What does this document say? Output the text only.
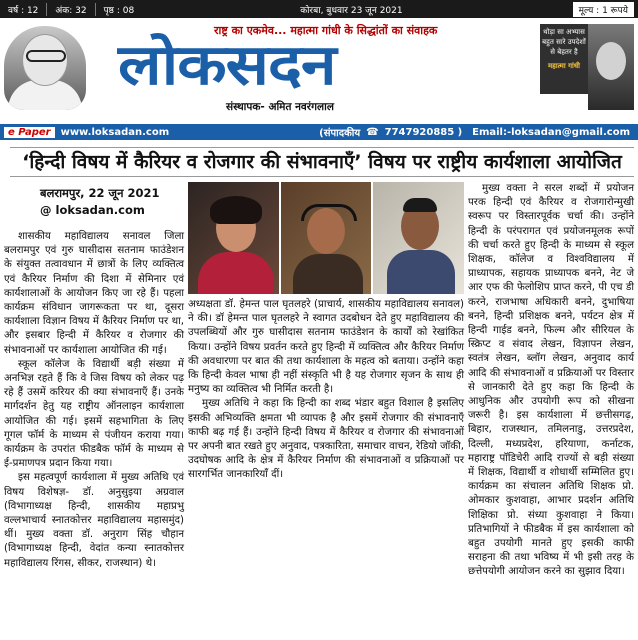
वर्ष : 12	अंक: 32	पृष्ठ : 08	कोरबा, बुधवार 23 जून 2021	मूल्य : 1 रूपये
राष्ट्र का एकमेव... महात्मा गांधी के सिद्धांतों का संवाहक
लोकसदन
संस्थापक- अमित नवरंगलाल
थोड़ा सा अभ्यास बहुत सारे उपदेशों से बेहतर है
महात्मा गांधी
e Paper	www.loksadan.com	(संपादकीय ☎ 7747920885 ) Email:-loksadan@gmail.com
‘हिन्दी विषय में कैरियर व रोजगार की संभावनाएँ’ विषय पर राष्ट्रीय कार्यशाला आयोजित
बलरामपुर, 22 जून 2021
@ loksadan.com

शासकीय महाविद्यालय सनावल जिला बलरामपुर एवं गुरु घासीदास सतनाम फाउंडेशन के संयुक्त तत्वावधान में छात्रों के लिए व्यक्तित्व एवं कैरियर निर्माण की दिशा में सेमिनार एवं कार्यशालाओं के आयोजन किए जा रहे हैं। पहला कार्यक्रम संविधान जागरूकता पर था, दूसरा कार्यशाला विज्ञान विषय में कैरियर निर्माण पर था, और इसबार हिन्दी में कैरियर व रोजगार की संभावनाओं पर कार्यशाला आयोजित की गई।

स्कूल कॉलेज के विद्यार्थी बड़ी संख्या में अनभिज्ञ रहते हैं कि वे जिस विषय को लेकर पढ़ रहे हैं उसमें करियर की क्या संभावनाएँ हैं। उनके मार्गदर्शन हेतु यह राष्ट्रीय ऑनलाइन कार्यशाला आयोजित की गई। इसमें सहभागिता के लिए गूगल फॉर्म के माध्यम से पंजीयन कराया गया। कार्यक्रम के उपरांत फीडबैक फॉर्म के माध्यम से ई-प्रमाणपत्र प्रदान किया गया।

इस महत्वपूर्ण कार्यशाला में मुख्य अतिथि एवं विषय विशेषज्ञ- डॉ. अनुसुइया अग्रवाल (विभागाध्यक्ष हिन्दी, शासकीय महाप्रभु वल्लभाचार्य स्नातकोत्तर महाविद्यालय महासमुंद) थीं। मुख्य वक्ता डॉ. अनुराग सिंह चौहान (विभागाध्यक्ष हिन्दी, वेदांत कन्या स्नातकोत्तर महाविद्यालय रिंगस, सीकर, राजस्थान) थे।

अध्यक्षता डॉ. हेमन्त पाल घृतलहरे (प्राचार्य, शासकीय महाविद्यालय सनावल) ने की। डॉ हेमन्त पाल घृतलहरे ने स्वागत उदबोधन देते हुए महाविद्यालय की उपलब्धियों और गुरु घासीदास सतनाम फाउंडेशन के कार्यों को रेखांकित किया। उन्होंने विषय प्रवर्तन करते हुए हिन्दी में व्यक्तित्व और कैरियर निर्माण की अवधारणा पर बात की तथा कार्यशाला के महत्व को बताया। उन्होंने कहा कि हिन्दी केवल भाषा ही नहीं संस्कृति भी है यह रोजगार सृजन के साथ ही मनुष्य का व्यक्तित्व भी निर्मित करती है।

मुख्य अतिथि ने कहा कि हिन्दी का शब्द भंडार बहुत विशाल है इसलिए इसकी अभिव्यक्ति क्षमता भी व्यापक है और इसमें रोजगार की संभावनाएँ काफी बढ़ गई हैं। उन्होंने हिन्दी विषय में कैरियर व रोजगार की संभावनाओं पर अपनी बात रखते हुए अनुवाद, पत्रकारिता, समाचार वाचन, रेडियो जॉकी, उदघोषक आदि के क्षेत्र में कैरियर निर्माण की संभावनाओं व प्रक्रियाओं पर सारगर्भित जानकारियाँ दीं।

मुख्य वक्ता ने सरल शब्दों में प्रयोजन परक हिन्दी एवं कैरियर व रोजगारोन्मुखी स्वरूप पर विस्तारपूर्वक चर्चा की। उन्होंने हिन्दी के परंपरागत एवं प्रयोजनमूलक रूपों की चर्चा करते हुए हिन्दी के माध्यम से स्कूल शिक्षक, कॉलेज व विश्वविद्यालय में प्राध्यापक, सहायक प्राध्यापक बनने, नेट जे आर एफ की फेलोशिप प्राप्त करने, पी एच डी करने, राजभाषा अधिकारी बनने, दुभाषिया बनने, हिन्दी प्रशिक्षक बनने, पर्यटन क्षेत्र में हिन्दी गाईड बनने, फिल्म और सीरियल के स्क्रिप्ट व संवाद लेखन, विज्ञापन लेखन, स्वतंत्र लेखन, ब्लॉग लेखन, अनुवाद कार्य आदि की संभावनाओं व प्रक्रियाओं पर विस्तार से जानकारी देते हुए कहा कि हिन्दी के आधुनिक और उपयोगी रूप को सीखना जरूरी है। इस कार्यशाला में छत्तीसगढ़, बिहार, राजस्थान, तमिलनाडु, उत्तरप्रदेश, दिल्ली, मध्यप्रदेश, हरियाणा, कर्नाटक, महाराष्ट्र पॉडिचेरी आदि राज्यों से बड़ी संख्या में शिक्षक, विद्यार्थी व शोधार्थी सम्मिलित हुए। कार्यक्रम का संचालन अतिथि शिक्षक प्रो. ओमकार कुशवाहा, आभार प्रदर्शन अतिथि शिक्षिका प्रो. संध्या कुशवाहा ने किया। प्रतिभागियों ने फीडबैक में इस कार्यशाला को बहुत उपयोगी मानते हुए इसकी काफी सराहना की तथा भविष्य में भी इसी तरह के छत्तेपयोगी आयोजन करने का सुझाव दिया।
